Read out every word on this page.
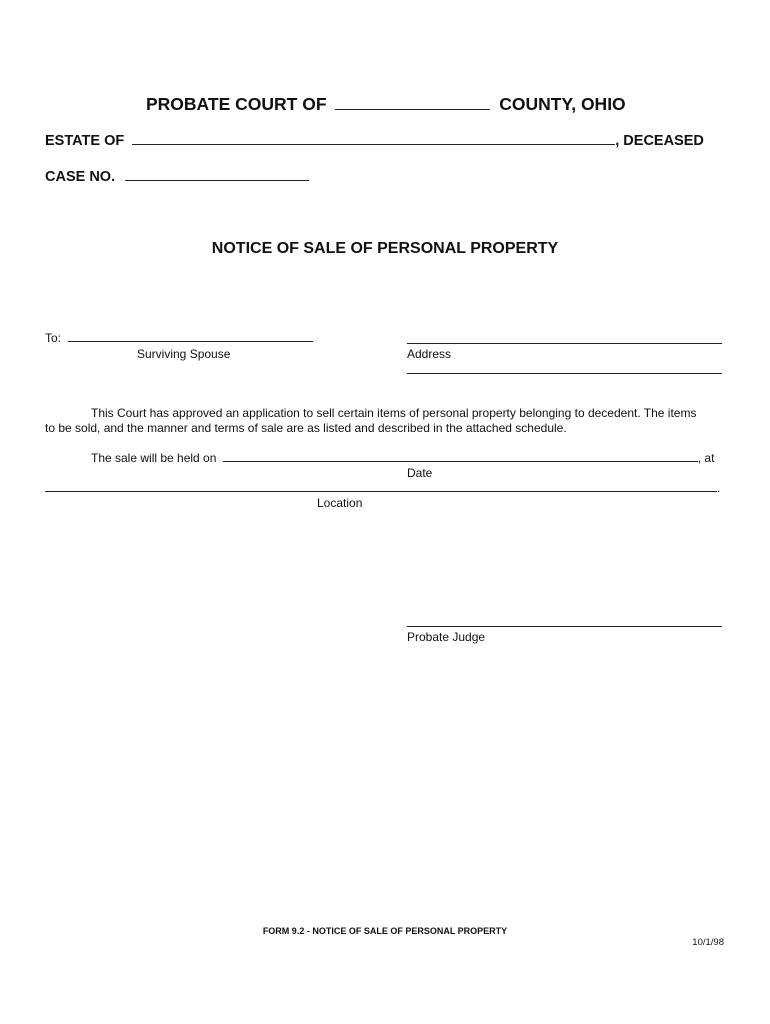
PROBATE COURT OF	COUNTY, OHIO
ESTATE OF	, DECEASED
CASE NO.
NOTICE OF SALE OF PERSONAL PROPERTY
To:
Surviving Spouse	Address
This Court has approved an application to sell certain items of personal property belonging to decedent. The items
to be sold, and the manner and terms of sale are as listed and described in the attached schedule.
The sale will be held on	, at
Date
.
Location
Probate Judge
FORM 9.2 - NOTICE OF SALE OF PERSONAL PROPERTY
10/1/98
